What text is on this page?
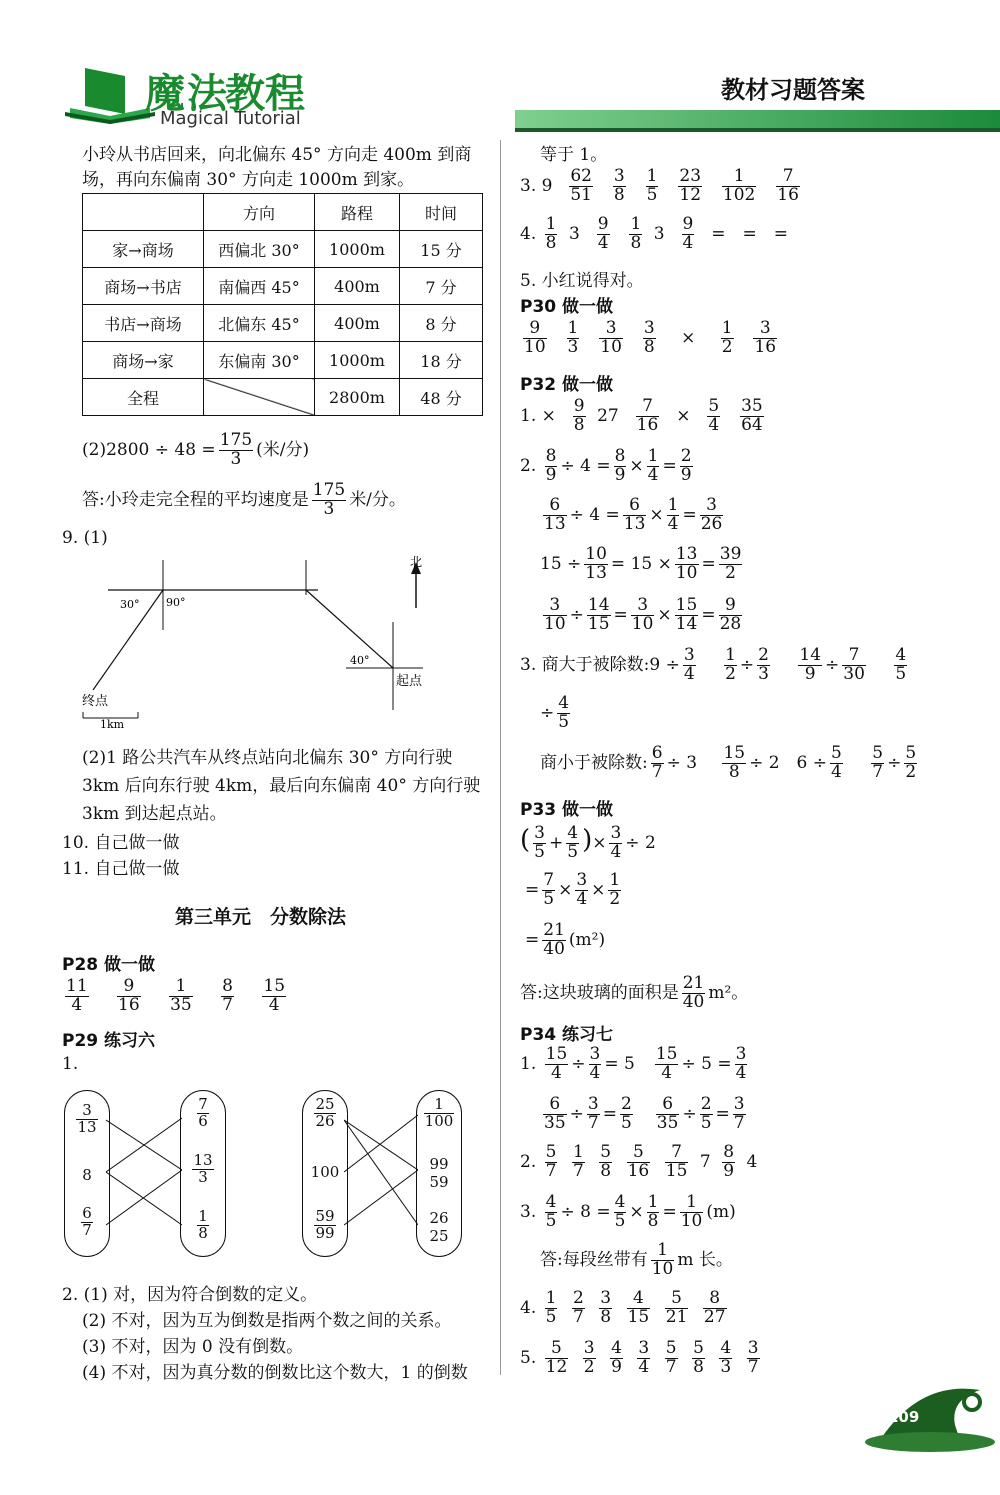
魔法
教程
Magical Tutorial
教材习题答案
小玲从书店回来，向北偏东 45° 方向走 400m 到商
场，再向东偏南 30° 方向走 1000m 到家。
	方向	路程	时间
家→商场	西偏北 30°	1000m	15 分
商场→书店	南偏西 45°	400m	7 分
书店→商场	北偏东 45°	400m	8 分
商场→家	东偏南 30°	1000m	18 分
全程		2800m	48 分
$(2)2800 \div 48 = \frac{175}{3}$ (米/分)
答:小玲走完全程的平均速度是 $\frac{175}{3}$ 米/分。
9. (1)
北
30° 90°
40°
起点
终点
1km
(2)1 路公共汽车从终点站向北偏东 30° 方向行驶
3km 后向东行驶 4km，最后向东偏南 40° 方向行驶
3km 到达起点站。
10. 自己做一做
11. 自己做一做
第三单元　分数除法
P28 做一做
$\frac{11}{4}$
  $\frac{9}{16}$
  $\frac{1}{35}$
  $\frac{8}{7}$
  $\frac{15}{4}$
P29 练习六
1.
$\frac{3}{13}$
8
$\frac{6}{7}$
$\frac{7}{6}$
$\frac{13}{3}$
$\frac{1}{8}$
$\frac{25}{26}$
100
$\frac{59}{99}$
$\frac{1}{100}$
99
59
26
25
2. (1) 对，因为符合倒数的定义。
(2) 不对，因为互为倒数是指两个数之间的关系。
(3) 不对，因为 0 没有倒数。
(4) 不对，因为真分数的倒数比这个数大，1 的倒数
等于 1。
3. 9  $\frac{62}{51}$
  $\frac{3}{8}$
  $\frac{1}{5}$
  $\frac{23}{12}$
  $\frac{1}{102}$
  $\frac{7}{16}$
4. $\frac{1}{8}$  3  $\frac{9}{4}$
  $\frac{1}{8}$  3  $\frac{9}{4}$
  =　=　=
5. 小红说得对。
P30 做一做
$\frac{9}{10}$
  $\frac{1}{3}$
  $\frac{3}{10}$
  $\frac{3}{8}$
  ×  $\frac{1}{2}$
  $\frac{3}{16}$
P32 做一做
1. ×  $\frac{9}{8}$
  27  $\frac{7}{16}$
  ×  $\frac{5}{4}$
  $\frac{35}{64}$
2. $\frac{8}{9} \div 4 = \frac{8}{9} \times \frac{1}{4} = \frac{2}{9}$
$\frac{6}{13} \div 4 = \frac{6}{13} \times \frac{1}{4} = \frac{3}{26}$
$15 \div \frac{10}{13} = 15 \times \frac{13}{10} = \frac{39}{2}$
$\frac{3}{10} \div \frac{14}{15} = \frac{3}{10} \times \frac{15}{14} = \frac{9}{28}$
3. 商大于被除数:9 ÷ $\frac{3}{4}$
  $\frac{1}{2} \div \frac{2}{3}$
  $\frac{14}{9} \div \frac{7}{30}$
  $\frac{4}{5}$
÷ $\frac{4}{5}$
商小于被除数: $\frac{6}{7} \div 3$  $\frac{15}{8} \div 2$ $6 \div \frac{5}{4}$
  $\frac{5}{7} \div \frac{5}{2}$
P33 做一做
( $\frac{3}{5} + \frac{4}{5}$ )× $\frac{3}{4} \div 2$
= $\frac{7}{5} \times \frac{3}{4} \times \frac{1}{2}$
= $\frac{21}{40} (m^2)$
答:这块玻璃的面积是 $\frac{21}{40} m^2$。
P34 练习七
1. $\frac{15}{4} \div \frac{3}{4} = 5$  $\frac{15}{4} \div 5 = \frac{3}{4}$
$\frac{6}{35} \div \frac{3}{7} = \frac{2}{5}$
  $\frac{6}{35} \div \frac{2}{5} = \frac{3}{7}$
2. $\frac{5}{7}$
  $\frac{1}{7}$
  $\frac{5}{8}$
  $\frac{5}{16}$
  $\frac{7}{15}$
  7  $\frac{8}{9}$
  4
3. $\frac{4}{5} \div 8 = \frac{4}{5} \times \frac{1}{8} = \frac{1}{10} (m)$
答:每段丝带有 $\frac{1}{10}$ m 长。
4. $\frac{1}{5}$
  $\frac{2}{7}$
  $\frac{3}{8}$
  $\frac{4}{15}$
  $\frac{5}{21}$
  $\frac{8}{27}$
5. $\frac{5}{12}$
  $\frac{3}{2}$
  $\frac{4}{9}$
  $\frac{3}{4}$
  $\frac{5}{7}$
  $\frac{5}{8}$
  $\frac{4}{3}$
  $\frac{3}{7}$
109
